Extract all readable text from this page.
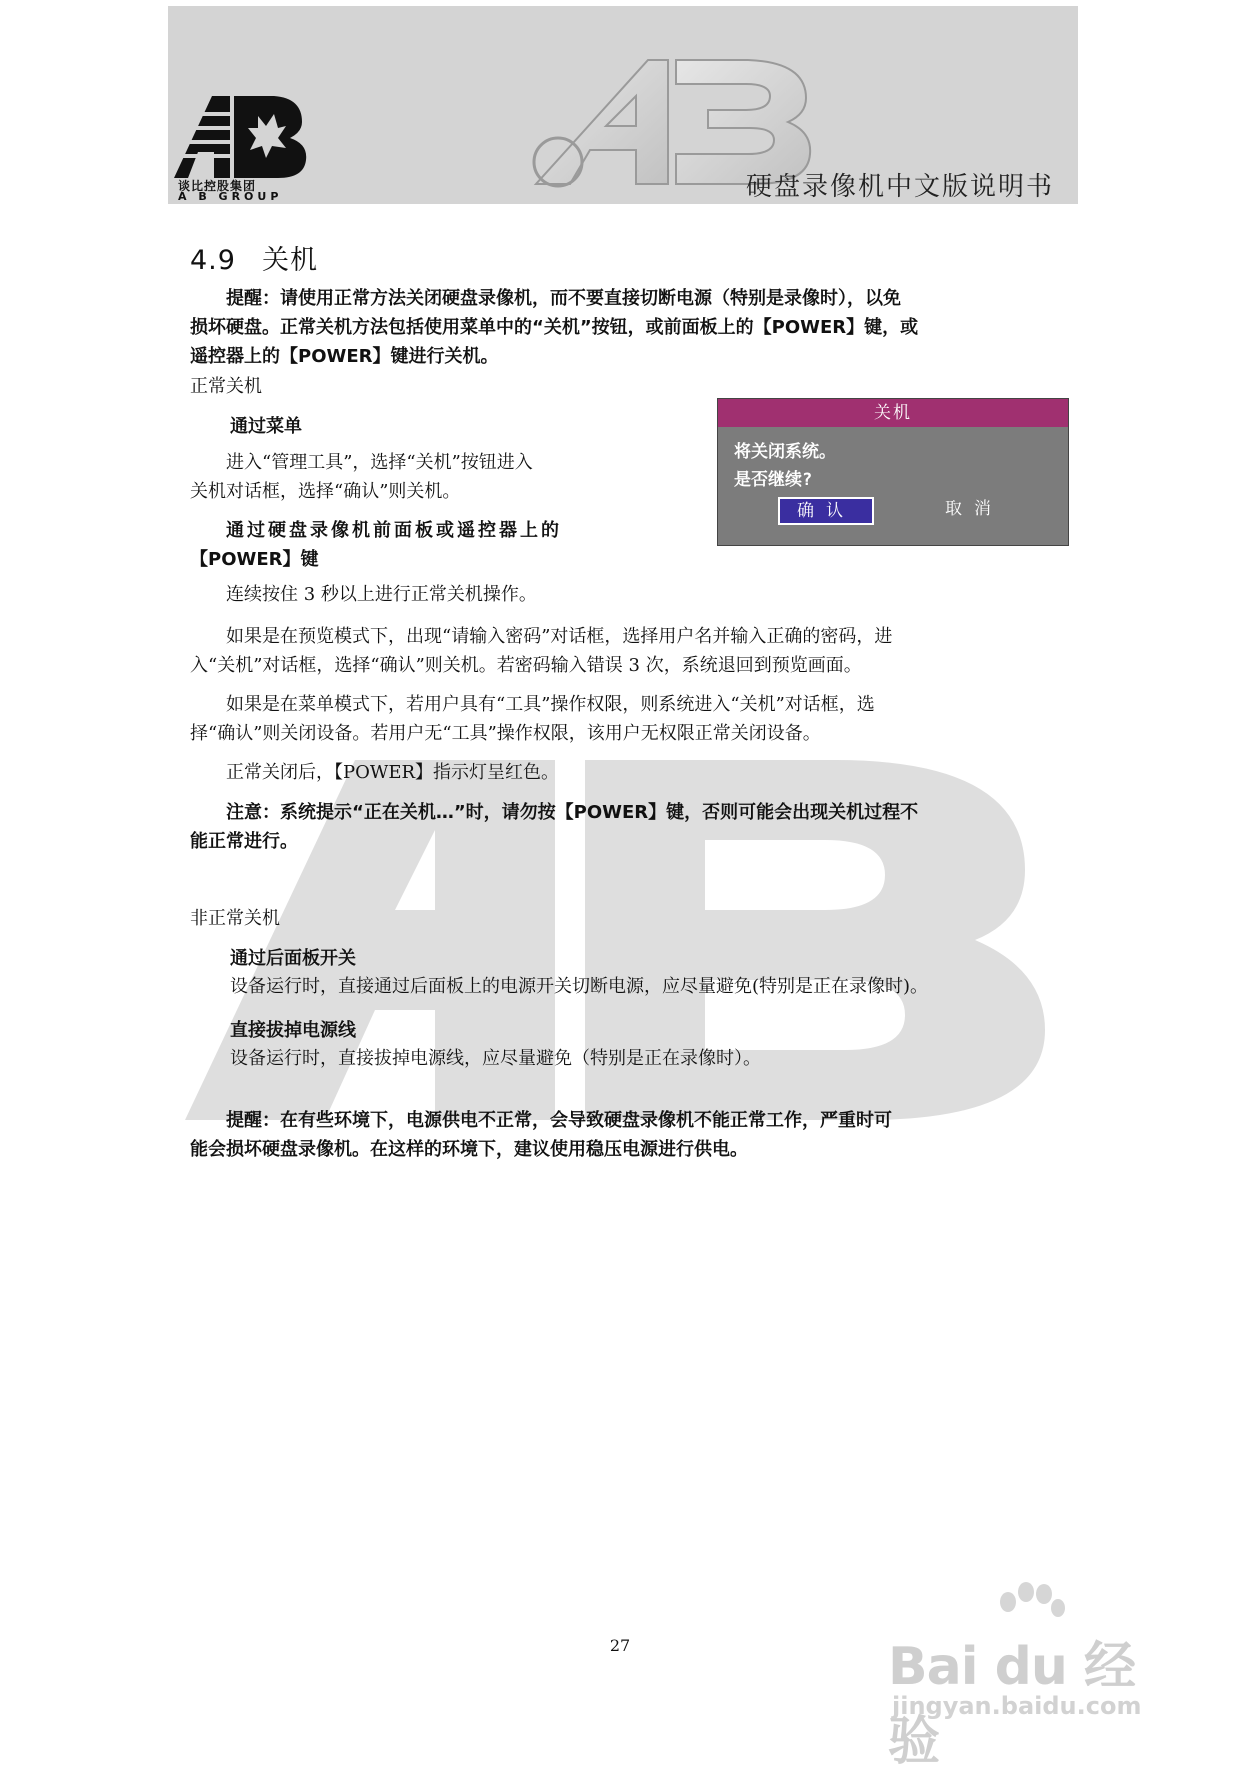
谈比控股集团
A B GROUP	硬盘录像机中文版说明书
4.9 关机
提醒：请使用正常方法关闭硬盘录像机，而不要直接切断电源（特别是录像时），以免
损坏硬盘。正常关机方法包括使用菜单中的“关机”按钮，或前面板上的【POWER】键，或
遥控器上的【POWER】键进行关机。
正常关机
通过菜单
进入“管理工具”，选择“关机”按钮进入
关机对话框，选择“确认”则关机。
通过硬盘录像机前面板或遥控器上的
【POWER】键
连续按住 3 秒以上进行正常关机操作。
如果是在预览模式下，出现“请输入密码”对话框，选择用户名并输入正确的密码，进
入“关机”对话框，选择“确认”则关机。若密码输入错误 3 次，系统退回到预览画面。
如果是在菜单模式下，若用户具有“工具”操作权限，则系统进入“关机”对话框，选
择“确认”则关闭设备。若用户无“工具”操作权限，该用户无权限正常关闭设备。
正常关闭后，【POWER】指示灯呈红色。
注意：系统提示“正在关机…”时，请勿按【POWER】键，否则可能会出现关机过程不
能正常进行。
非正常关机
通过后面板开关
设备运行时，直接通过后面板上的电源开关切断电源，应尽量避免(特别是正在录像时)。
直接拔掉电源线
设备运行时，直接拔掉电源线，应尽量避免（特别是正在录像时）。
提醒：在有些环境下，电源供电不正常，会导致硬盘录像机不能正常工作，严重时可
能会损坏硬盘录像机。在这样的环境下，建议使用稳压电源进行供电。
关机
将关闭系统。
是否继续?
确认	取消
27	Bai du 经验
jingyan.baidu.com
